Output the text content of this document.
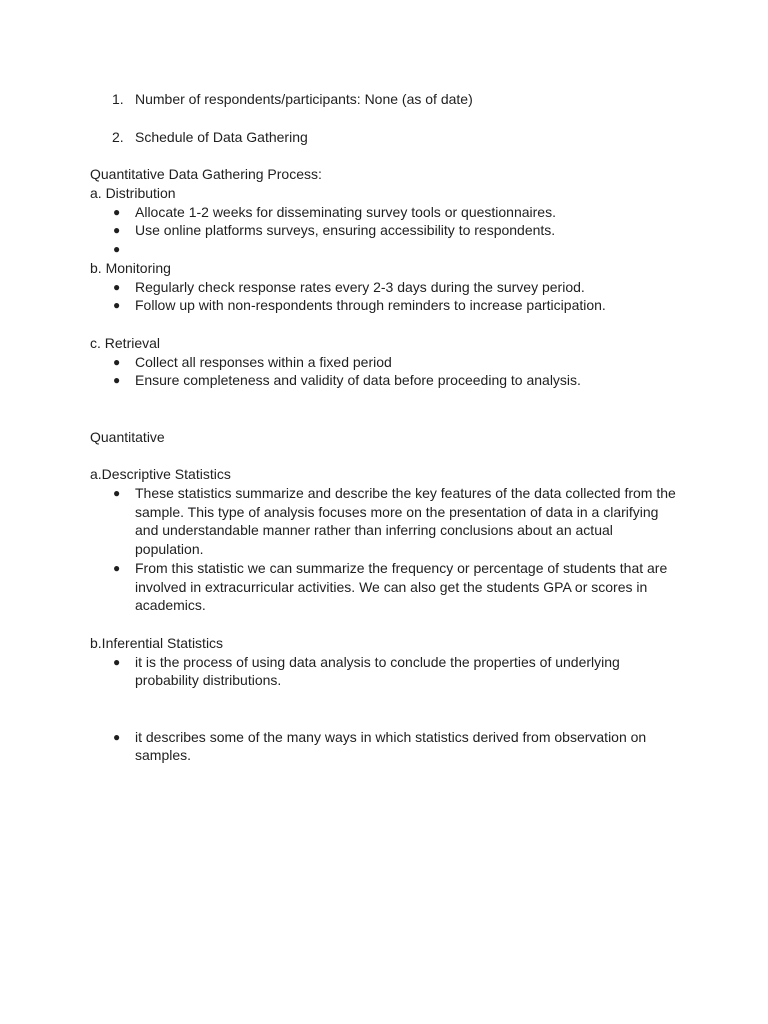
1. Number of respondents/participants: None (as of date)
2. Schedule of Data Gathering
Quantitative Data Gathering Process:
a. Distribution
● Allocate 1-2 weeks for disseminating survey tools or questionnaires.
● Use online platforms surveys, ensuring accessibility to respondents.
●
b. Monitoring
● Regularly check response rates every 2-3 days during the survey period.
● Follow up with non-respondents through reminders to increase participation.
c. Retrieval
● Collect all responses within a fixed period
● Ensure completeness and validity of data before proceeding to analysis.
Quantitative
a.Descriptive Statistics
● These statistics summarize and describe the key features of the data collected from the sample. This type of analysis focuses more on the presentation of data in a clarifying and understandable manner rather than inferring conclusions about an actual population.
● From this statistic we can summarize the frequency or percentage of students that are involved in extracurricular activities. We can also get the students GPA or scores in academics.
b.Inferential Statistics
● it is the process of using data analysis to conclude the properties of underlying probability distributions.
● it describes some of the many ways in which statistics derived from observation on samples.
